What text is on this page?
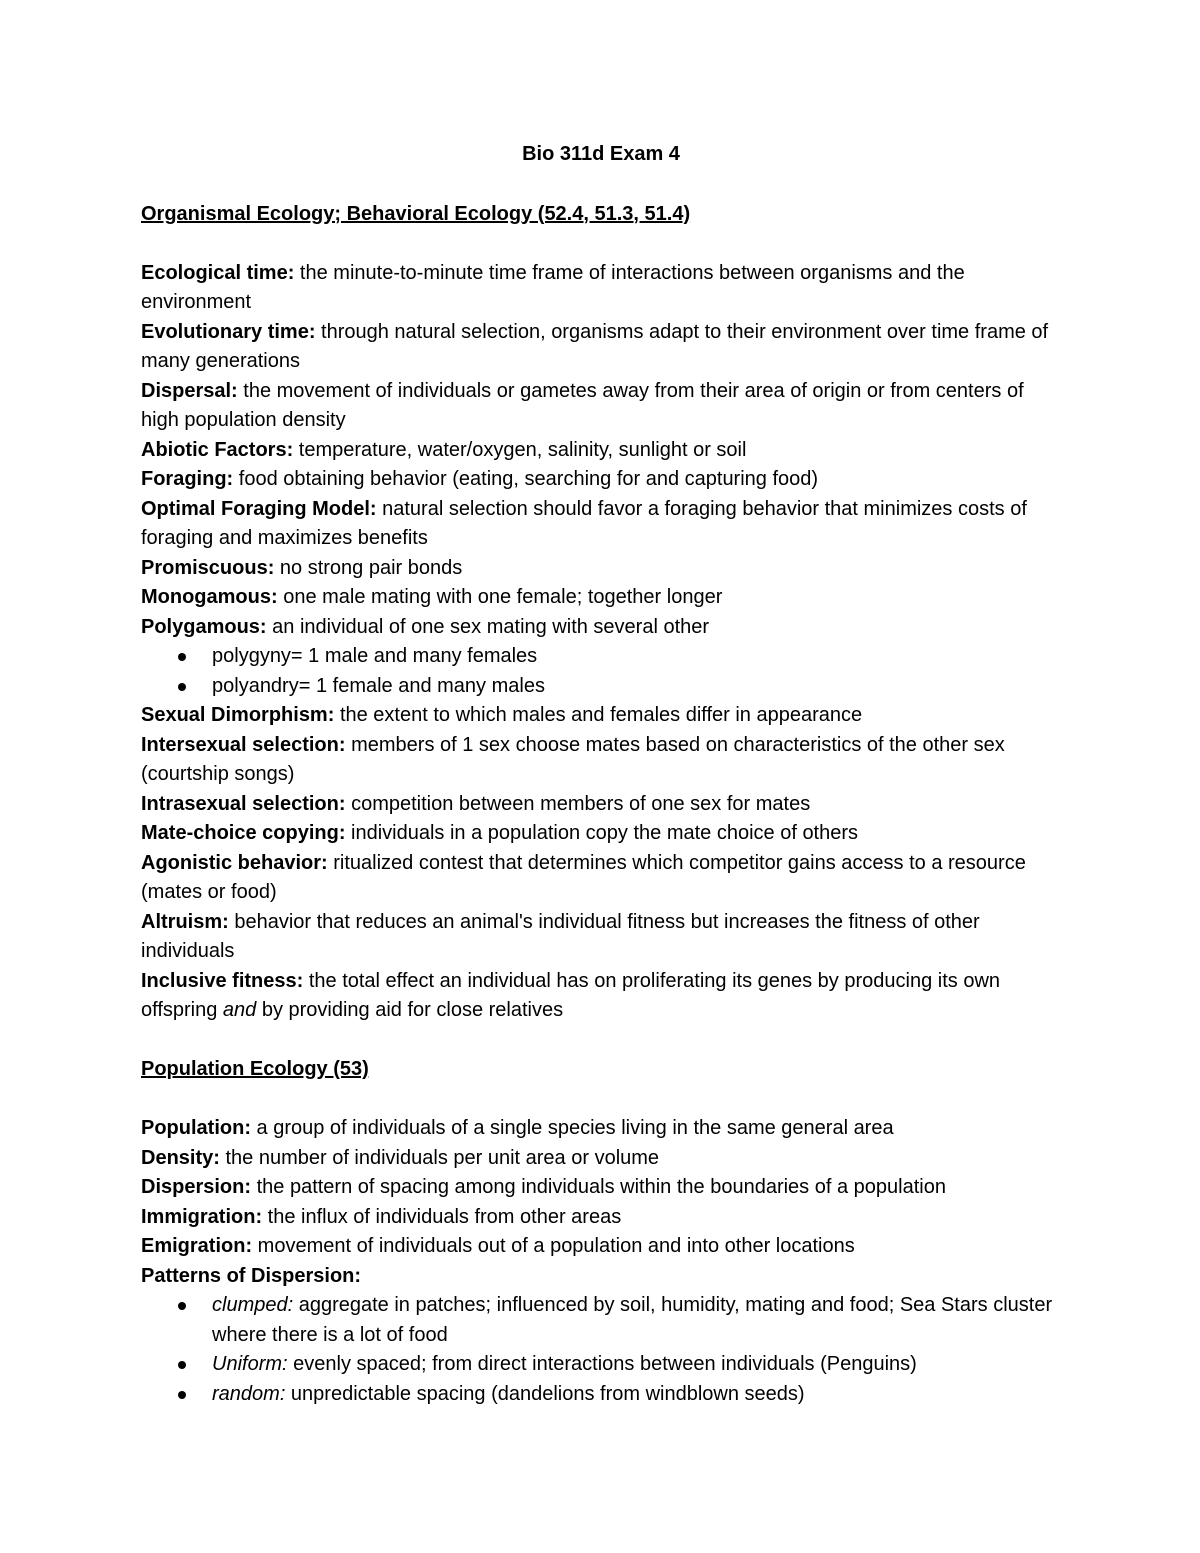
Bio 311d Exam 4

Organismal Ecology; Behavioral Ecology (52.4, 51.3, 51.4)

Ecological time: the minute-to-minute time frame of interactions between organisms and the environment

Evolutionary time: through natural selection, organisms adapt to their environment over time frame of many generations

Dispersal: the movement of individuals or gametes away from their area of origin or from centers of high population density

Abiotic Factors: temperature, water/oxygen, salinity, sunlight or soil

Foraging: food obtaining behavior (eating, searching for and capturing food)

Optimal Foraging Model: natural selection should favor a foraging behavior that minimizes costs of foraging and maximizes benefits

Promiscuous: no strong pair bonds

Monogamous: one male mating with one female; together longer

Polygamous: an individual of one sex mating with several other

polygyny= 1 male and many females
polyandry= 1 female and many males

Sexual Dimorphism: the extent to which males and females differ in appearance

Intersexual selection: members of 1 sex choose mates based on characteristics of the other sex (courtship songs)

Intrasexual selection: competition between members of one sex for mates

Mate-choice copying: individuals in a population copy the mate choice of others

Agonistic behavior: ritualized contest that determines which competitor gains access to a resource (mates or food)

Altruism: behavior that reduces an animal's individual fitness but increases the fitness of other individuals

Inclusive fitness: the total effect an individual has on proliferating its genes by producing its own offspring and by providing aid for close relatives

Population Ecology (53)

Population: a group of individuals of a single species living in the same general area

Density: the number of individuals per unit area or volume

Dispersion: the pattern of spacing among individuals within the boundaries of a population

Immigration: the influx of individuals from other areas

Emigration: movement of individuals out of a population and into other locations

Patterns of Dispersion:

clumped: aggregate in patches; influenced by soil, humidity, mating and food; Sea Stars cluster where there is a lot of food
Uniform: evenly spaced; from direct interactions between individuals (Penguins)
random: unpredictable spacing (dandelions from windblown seeds)
